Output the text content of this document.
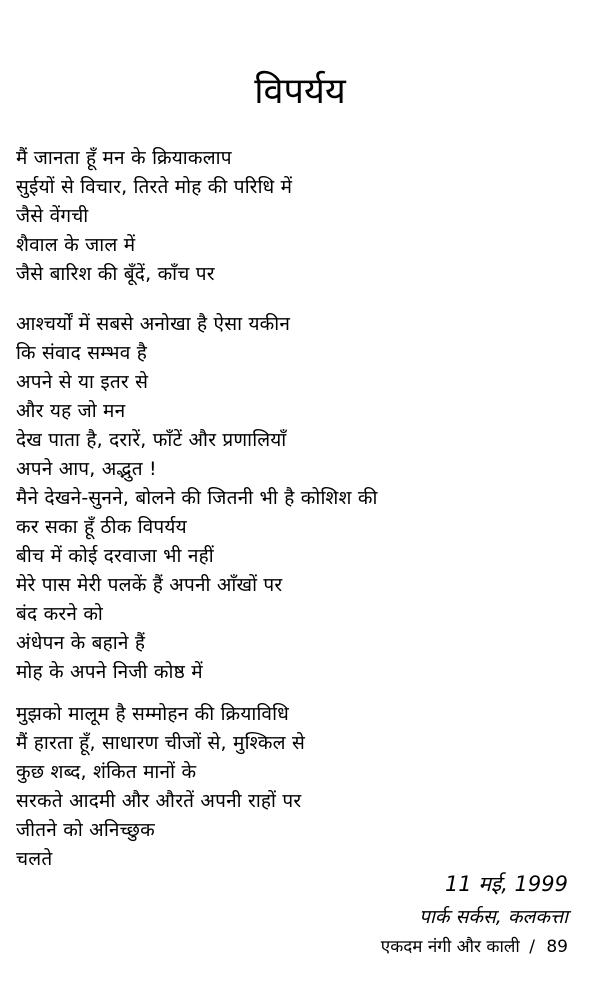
विपर्यय
मैं जानता हूँ मन के क्रियाकलाप
सुईयों से विचार, तिरते मोह की परिधि में
जैसे वेंगची
शैवाल के जाल में
जैसे बारिश की बूँदें, काँच पर
आश्चर्यों में सबसे अनोखा है ऐसा यकीन
कि संवाद सम्भव है
अपने से या इतर से
और यह जो मन
देख पाता है, दरारें, फाँटें और प्रणालियाँ
अपने आप, अद्भुत !
मैने देखने-सुनने, बोलने की जितनी भी है कोशिश की
कर सका हूँ ठीक विपर्यय
बीच में कोई दरवाजा भी नहीं
मेरे पास मेरी पलकें हैं अपनी आँखों पर
बंद करने को
अंधेपन के बहाने हैं
मोह के अपने निजी कोष्ठ में
मुझको मालूम है सम्मोहन की क्रियाविधि
मैं हारता हूँ, साधारण चीजों से, मुश्किल से
कुछ शब्द, शंकित मानों के
सरकते आदमी और औरतें अपनी राहों पर
जीतने को अनिच्छुक
चलते
11 मई, 1999
पार्क सर्कस, कलकत्ता
एकदम नंगी और काली / 89
